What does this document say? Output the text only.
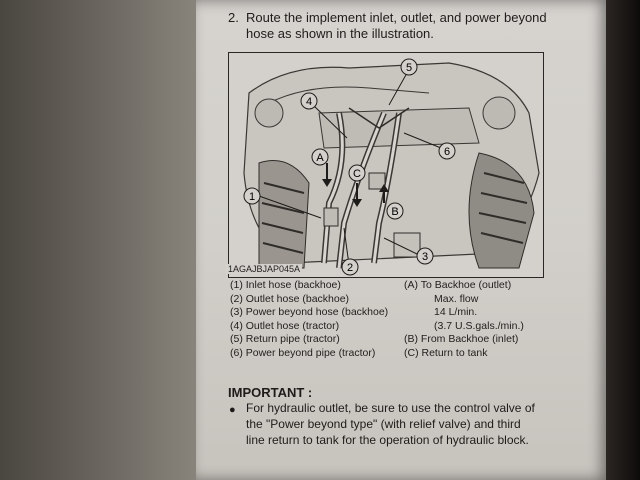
2. Route the implement inlet, outlet, and power beyond
hose as shown in the illustration.
1
2
3
4
5
6
A
B
C
1AGAJBJAP045A
(1) Inlet hose (backhoe)
(2) Outlet hose (backhoe)
(3) Power beyond hose (backhoe)
(4) Outlet hose (tractor)
(5) Return pipe (tractor)
(6) Power beyond pipe (tractor)
(A) To Backhoe (outlet)
Max. flow
14 L/min.
(3.7 U.S.gals./min.)
(B) From Backhoe (inlet)
(C) Return to tank
IMPORTANT :
● For hydraulic outlet, be sure to use the control valve of
the "Power beyond type" (with relief valve) and third
line return to tank for the operation of hydraulic block.
